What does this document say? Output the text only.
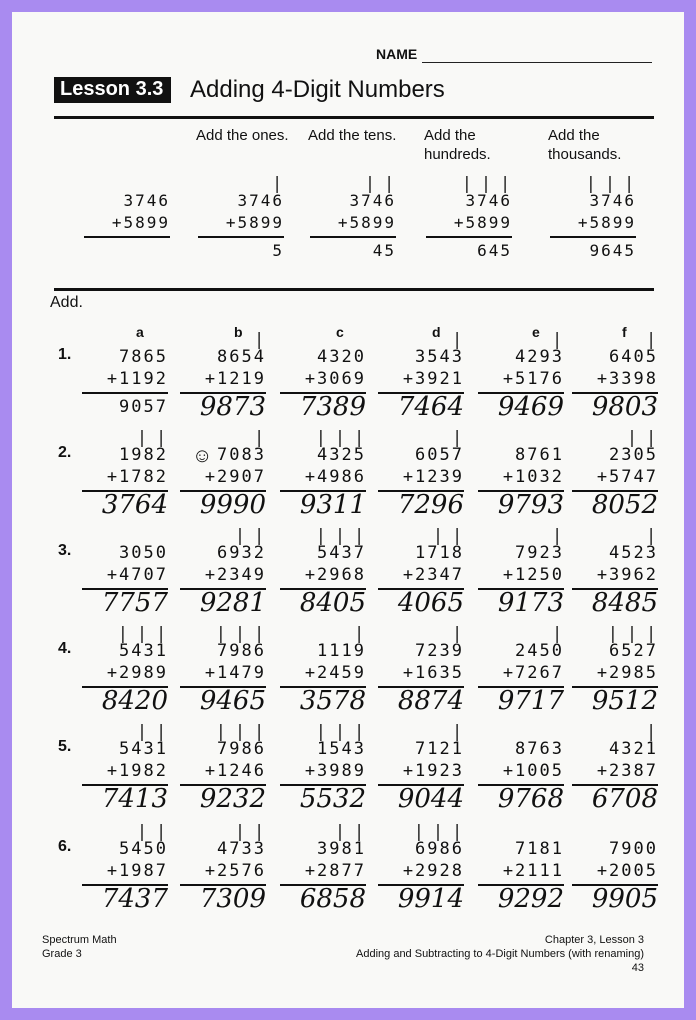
NAME
Lesson 3.3	Adding 4-Digit Numbers
3746
+5899
Add the ones.
|
3746
+5899
5
Add the tens.
| |
3746
+5899
45
Add the hundreds.
| | |
3746
+5899
645
Add the thousands.
| | |
3746
+5899
9645
Add.
a	b	c	d	e	f
1.	7865
+1192
9057
|
8654
+1219
9873
4320
+3069
7389
|
3543
+3921
7464
|
4293
+5176
9469
|
6405
+3398
9803
2.
| |
1982
+1782
3764
|
7083
+2907
9990
| | |
4325
+4986
9311
|
6057
+1239
7296
8761
+1032
9793
| |
2305
+5747
8052
3.	3050
+4707
7757
| |
6932
+2349
9281
| | |
5437
+2968
8405
| |
1718
+2347
4065
|
7923
+1250
9173
|
4523
+3962
8485
4.
| | |
5431
+2989
8420
| | |
7986
+1479
9465
|
1119
+2459
3578
|
7239
+1635
8874
|
2450
+7267
9717
| | |
6527
+2985
9512
5.
| |
5431
+1982
7413
| | |
7986
+1246
9232
| | |
1543
+3989
5532
|
7121
+1923
9044
8763
+1005
9768
|
4321
+2387
6708
6.
| |
5450
+1987
7437
| |
4733
+2576
7309
| |
3981
+2877
6858
| | |
6986
+2928
9914
7181
+2111
9292
7900
+2005
9905
☺
Spectrum Math
Grade 3
Chapter 3, Lesson 3
Adding and Subtracting to 4-Digit Numbers (with renaming)
43
